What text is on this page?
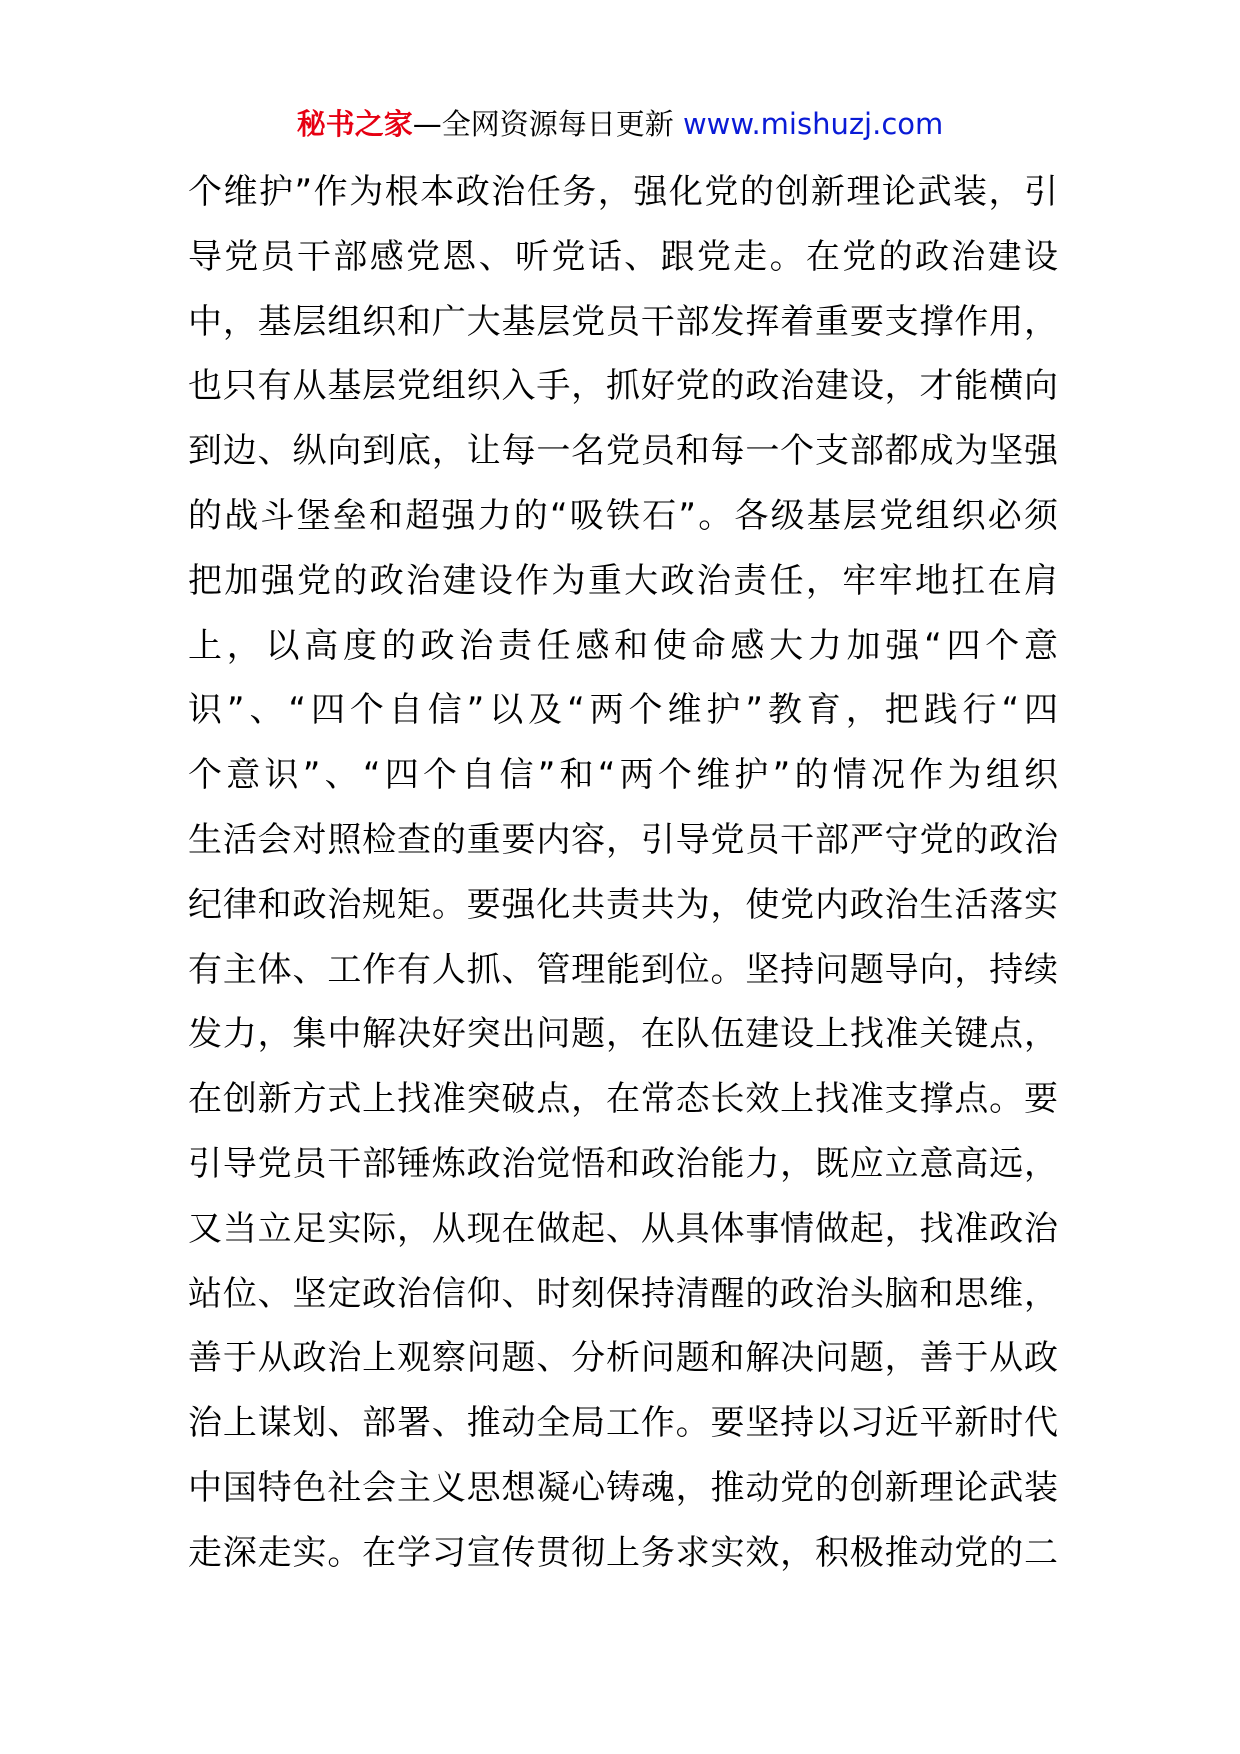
秘书之家—全网资源每日更新 www.mishuzj.com
个维护”作为根本政治任务，强化党的创新理论武装，引
导党员干部感党恩、听党话、跟党走。在党的政治建设
中，基层组织和广大基层党员干部发挥着重要支撑作用，
也只有从基层党组织入手，抓好党的政治建设，才能横向
到边、纵向到底，让每一名党员和每一个支部都成为坚强
的战斗堡垒和超强力的“吸铁石”。各级基层党组织必须
把加强党的政治建设作为重大政治责任，牢牢地扛在肩
上，以高度的政治责任感和使命感大力加强“四个意
识”、“四个自信”以及“两个维护”教育，把践行“四
个意识”、“四个自信”和“两个维护”的情况作为组织
生活会对照检查的重要内容，引导党员干部严守党的政治
纪律和政治规矩。要强化共责共为，使党内政治生活落实
有主体、工作有人抓、管理能到位。坚持问题导向，持续
发力，集中解决好突出问题，在队伍建设上找准关键点，
在创新方式上找准突破点，在常态长效上找准支撑点。要
引导党员干部锤炼政治觉悟和政治能力，既应立意高远，
又当立足实际，从现在做起、从具体事情做起，找准政治
站位、坚定政治信仰、时刻保持清醒的政治头脑和思维，
善于从政治上观察问题、分析问题和解决问题，善于从政
治上谋划、部署、推动全局工作。要坚持以习近平新时代
中国特色社会主义思想凝心铸魂，推动党的创新理论武装
走深走实。在学习宣传贯彻上务求实效，积极推动党的二
